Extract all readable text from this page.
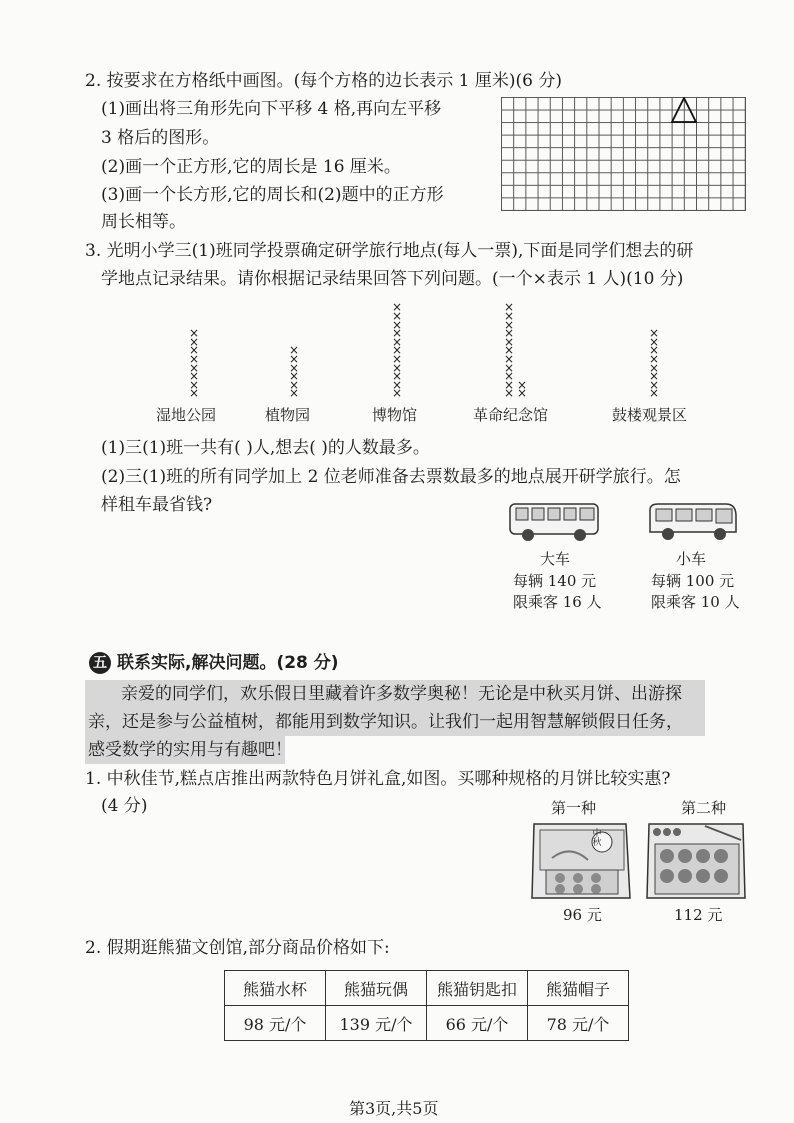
2. 按要求在方格纸中画图。(每个方格的边长表示 1 厘米)(6 分)
(1)画出将三角形先向下平移 4 格,再向左平移
3 格后的图形。
(2)画一个正方形,它的周长是 16 厘米。
(3)画一个长方形,它的周长和(2)题中的正方形
周长相等。
3. 光明小学三(1)班同学投票确定研学旅行地点(每人一票),下面是同学们想去的研
学地点记录结果。请你根据记录结果回答下列问题。(一个×表示 1 人)(10 分)
×
×
×
×
×
×
×
×
×
×
×
×
×
×
×
×
×
×
×
×
×
×
×
×
×
×
×
×
×
×
×
×
×
×
×
×
×
×
×
×
×
×
×
×
×
×
湿地公园	植物园	博物馆	革命纪念馆	鼓楼观景区
(1)三(1)班一共有( )人,想去( )的人数最多。
(2)三(1)班的所有同学加上 2 位老师准备去票数最多的地点展开研学旅行。怎
样租车最省钱?
大车
每辆 140 元
限乘客 16 人
小车
每辆 100 元
限乘客 10 人
五 联系实际,解决问题。(28 分)
亲爱的同学们，欢乐假日里藏着许多数学奥秘！无论是中秋买月饼、出游探
亲，还是参与公益植树，都能用到数学知识。让我们一起用智慧解锁假日任务，
感受数学的实用与有趣吧！
1. 中秋佳节,糕点店推出两款特色月饼礼盒,如图。买哪种规格的月饼比较实惠?
(4 分)	第一种	第二种
中秋
96 元	112 元
2. 假期逛熊猫文创馆,部分商品价格如下:
熊猫水杯	熊猫玩偶	熊猫钥匙扣	熊猫帽子
98 元/个	139 元/个	66 元/个	78 元/个
第3页,共5页
